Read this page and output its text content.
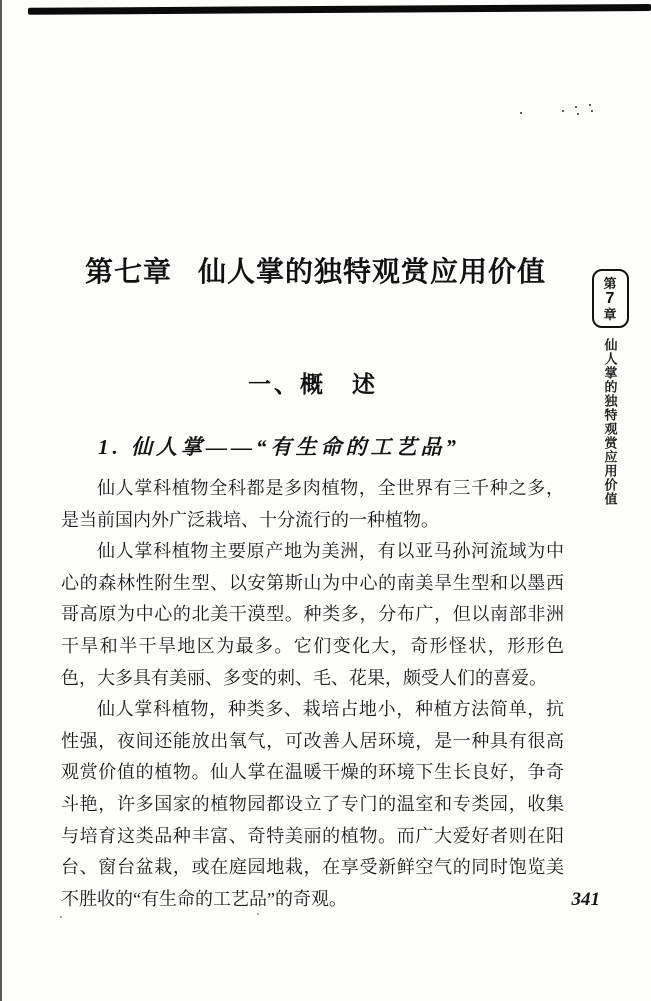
第七章 仙人掌的独特观赏应用价值
一、概　述
1. 仙人掌——“有生命的工艺品”

仙人掌科植物全科都是多肉植物，全世界有三千种之多，是当前国内外广泛栽培、十分流行的一种植物。

仙人掌科植物主要原产地为美洲，有以亚马孙河流域为中心的森林性附生型、以安第斯山为中心的南美旱生型和以墨西哥高原为中心的北美干漠型。种类多，分布广，但以南部非洲干旱和半干旱地区为最多。它们变化大，奇形怪状，形形色色，大多具有美丽、多变的刺、毛、花果，颇受人们的喜爱。

仙人掌科植物，种类多、栽培占地小，种植方法简单，抗性强，夜间还能放出氧气，可改善人居环境，是一种具有很高观赏价值的植物。仙人掌在温暖干燥的环境下生长良好，争奇斗艳，许多国家的植物园都设立了专门的温室和专类园，收集与培育这类品种丰富、奇特美丽的植物。而广大爱好者则在阳台、窗台盆栽，或在庭园地栽，在享受新鲜空气的同时饱览美不胜收的“有生命的工艺品”的奇观。

第
7
章
仙人掌的独特观赏应用价值
341
